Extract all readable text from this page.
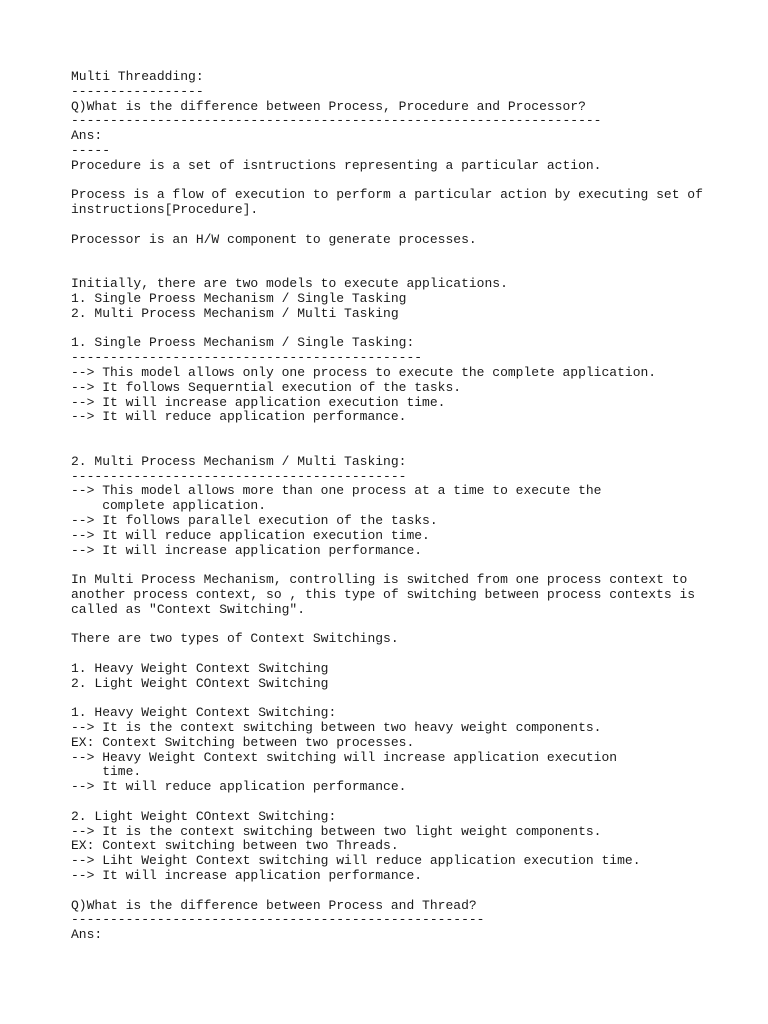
Multi Threadding:
-----------------
Q)What is the difference between Process, Procedure and Processor?
--------------------------------------------------------------------
Ans:
-----
Procedure is a set of isntructions representing a particular action.
Process is a flow of execution to perform a particular action by executing set of
instructions[Procedure].
Processor is an H/W component to generate processes.
Initially, there are two models to execute applications.
1. Single Proess Mechanism / Single Tasking
2. Multi Process Mechanism / Multi Tasking
1. Single Proess Mechanism / Single Tasking:
---------------------------------------------
--> This model allows only one process to execute the complete application.
--> It follows Sequerntial execution of the tasks.
--> It will increase application execution time.
--> It will reduce application performance.
2. Multi Process Mechanism / Multi Tasking:
-------------------------------------------
--> This model allows more than one process at a time to execute the
complete application.
--> It follows parallel execution of the tasks.
--> It will reduce application execution time.
--> It will increase application performance.
In Multi Process Mechanism, controlling is switched from one process context to
another process context, so , this type of switching between process contexts is
called as "Context Switching".
There are two types of Context Switchings.
1. Heavy Weight Context Switching
2. Light Weight COntext Switching
1. Heavy Weight Context Switching:
--> It is the context switching between two heavy weight components.
EX: Context Switching between two processes.
--> Heavy Weight Context switching will increase application execution
time.
--> It will reduce application performance.
2. Light Weight COntext Switching:
--> It is the context switching between two light weight components.
EX: Context switching between two Threads.
--> Liht Weight Context switching will reduce application execution time.
--> It will increase application performance.
Q)What is the difference between Process and Thread?
-----------------------------------------------------
Ans:
